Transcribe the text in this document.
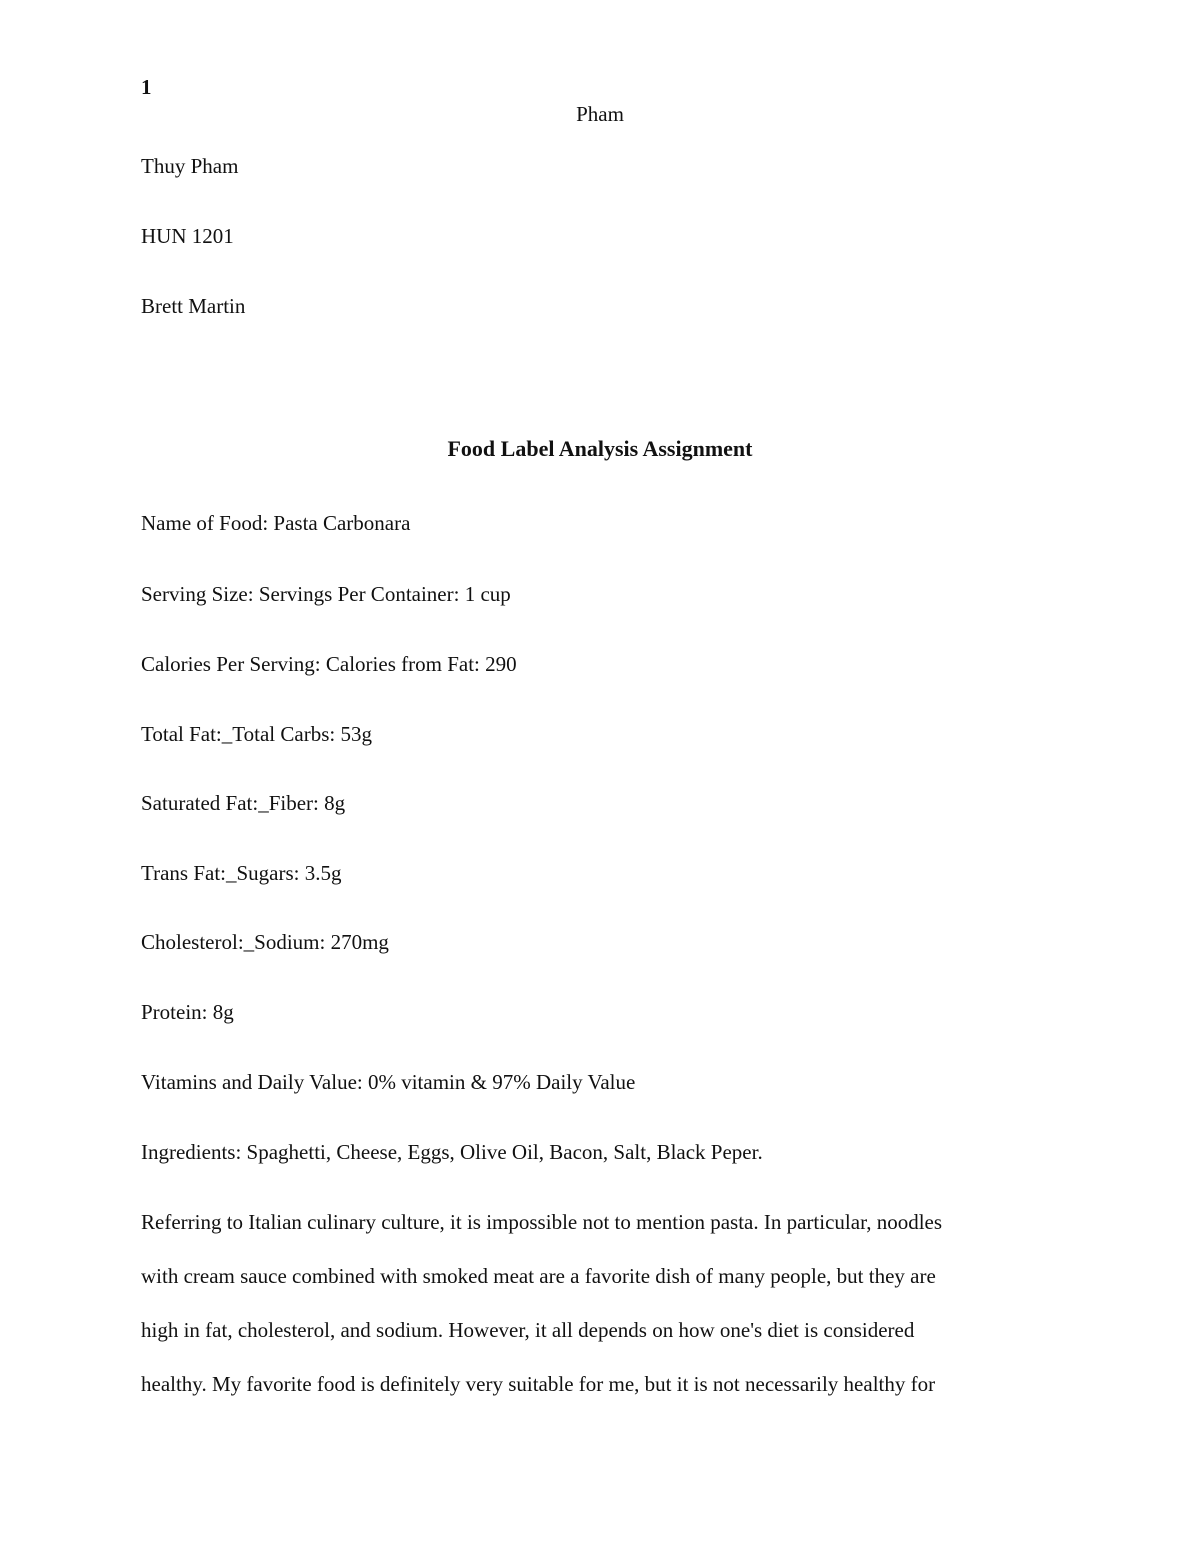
1
Pham
Thuy Pham
HUN 1201
Brett Martin
Food Label Analysis Assignment
Name of Food: Pasta Carbonara
Serving Size: Servings Per Container: 1 cup
Calories Per Serving: Calories from Fat: 290
Total Fat:_Total Carbs: 53g
Saturated Fat:_Fiber: 8g
Trans Fat:_Sugars: 3.5g
Cholesterol:_Sodium: 270mg
Protein: 8g
Vitamins and Daily Value: 0% vitamin & 97% Daily Value
Ingredients: Spaghetti, Cheese, Eggs, Olive Oil, Bacon, Salt, Black Peper.

Referring to Italian culinary culture, it is impossible not to mention pasta. In particular, noodles
with cream sauce combined with smoked meat are a favorite dish of many people, but they are
high in fat, cholesterol, and sodium. However, it all depends on how one's diet is considered
healthy. My favorite food is definitely very suitable for me, but it is not necessarily healthy for
